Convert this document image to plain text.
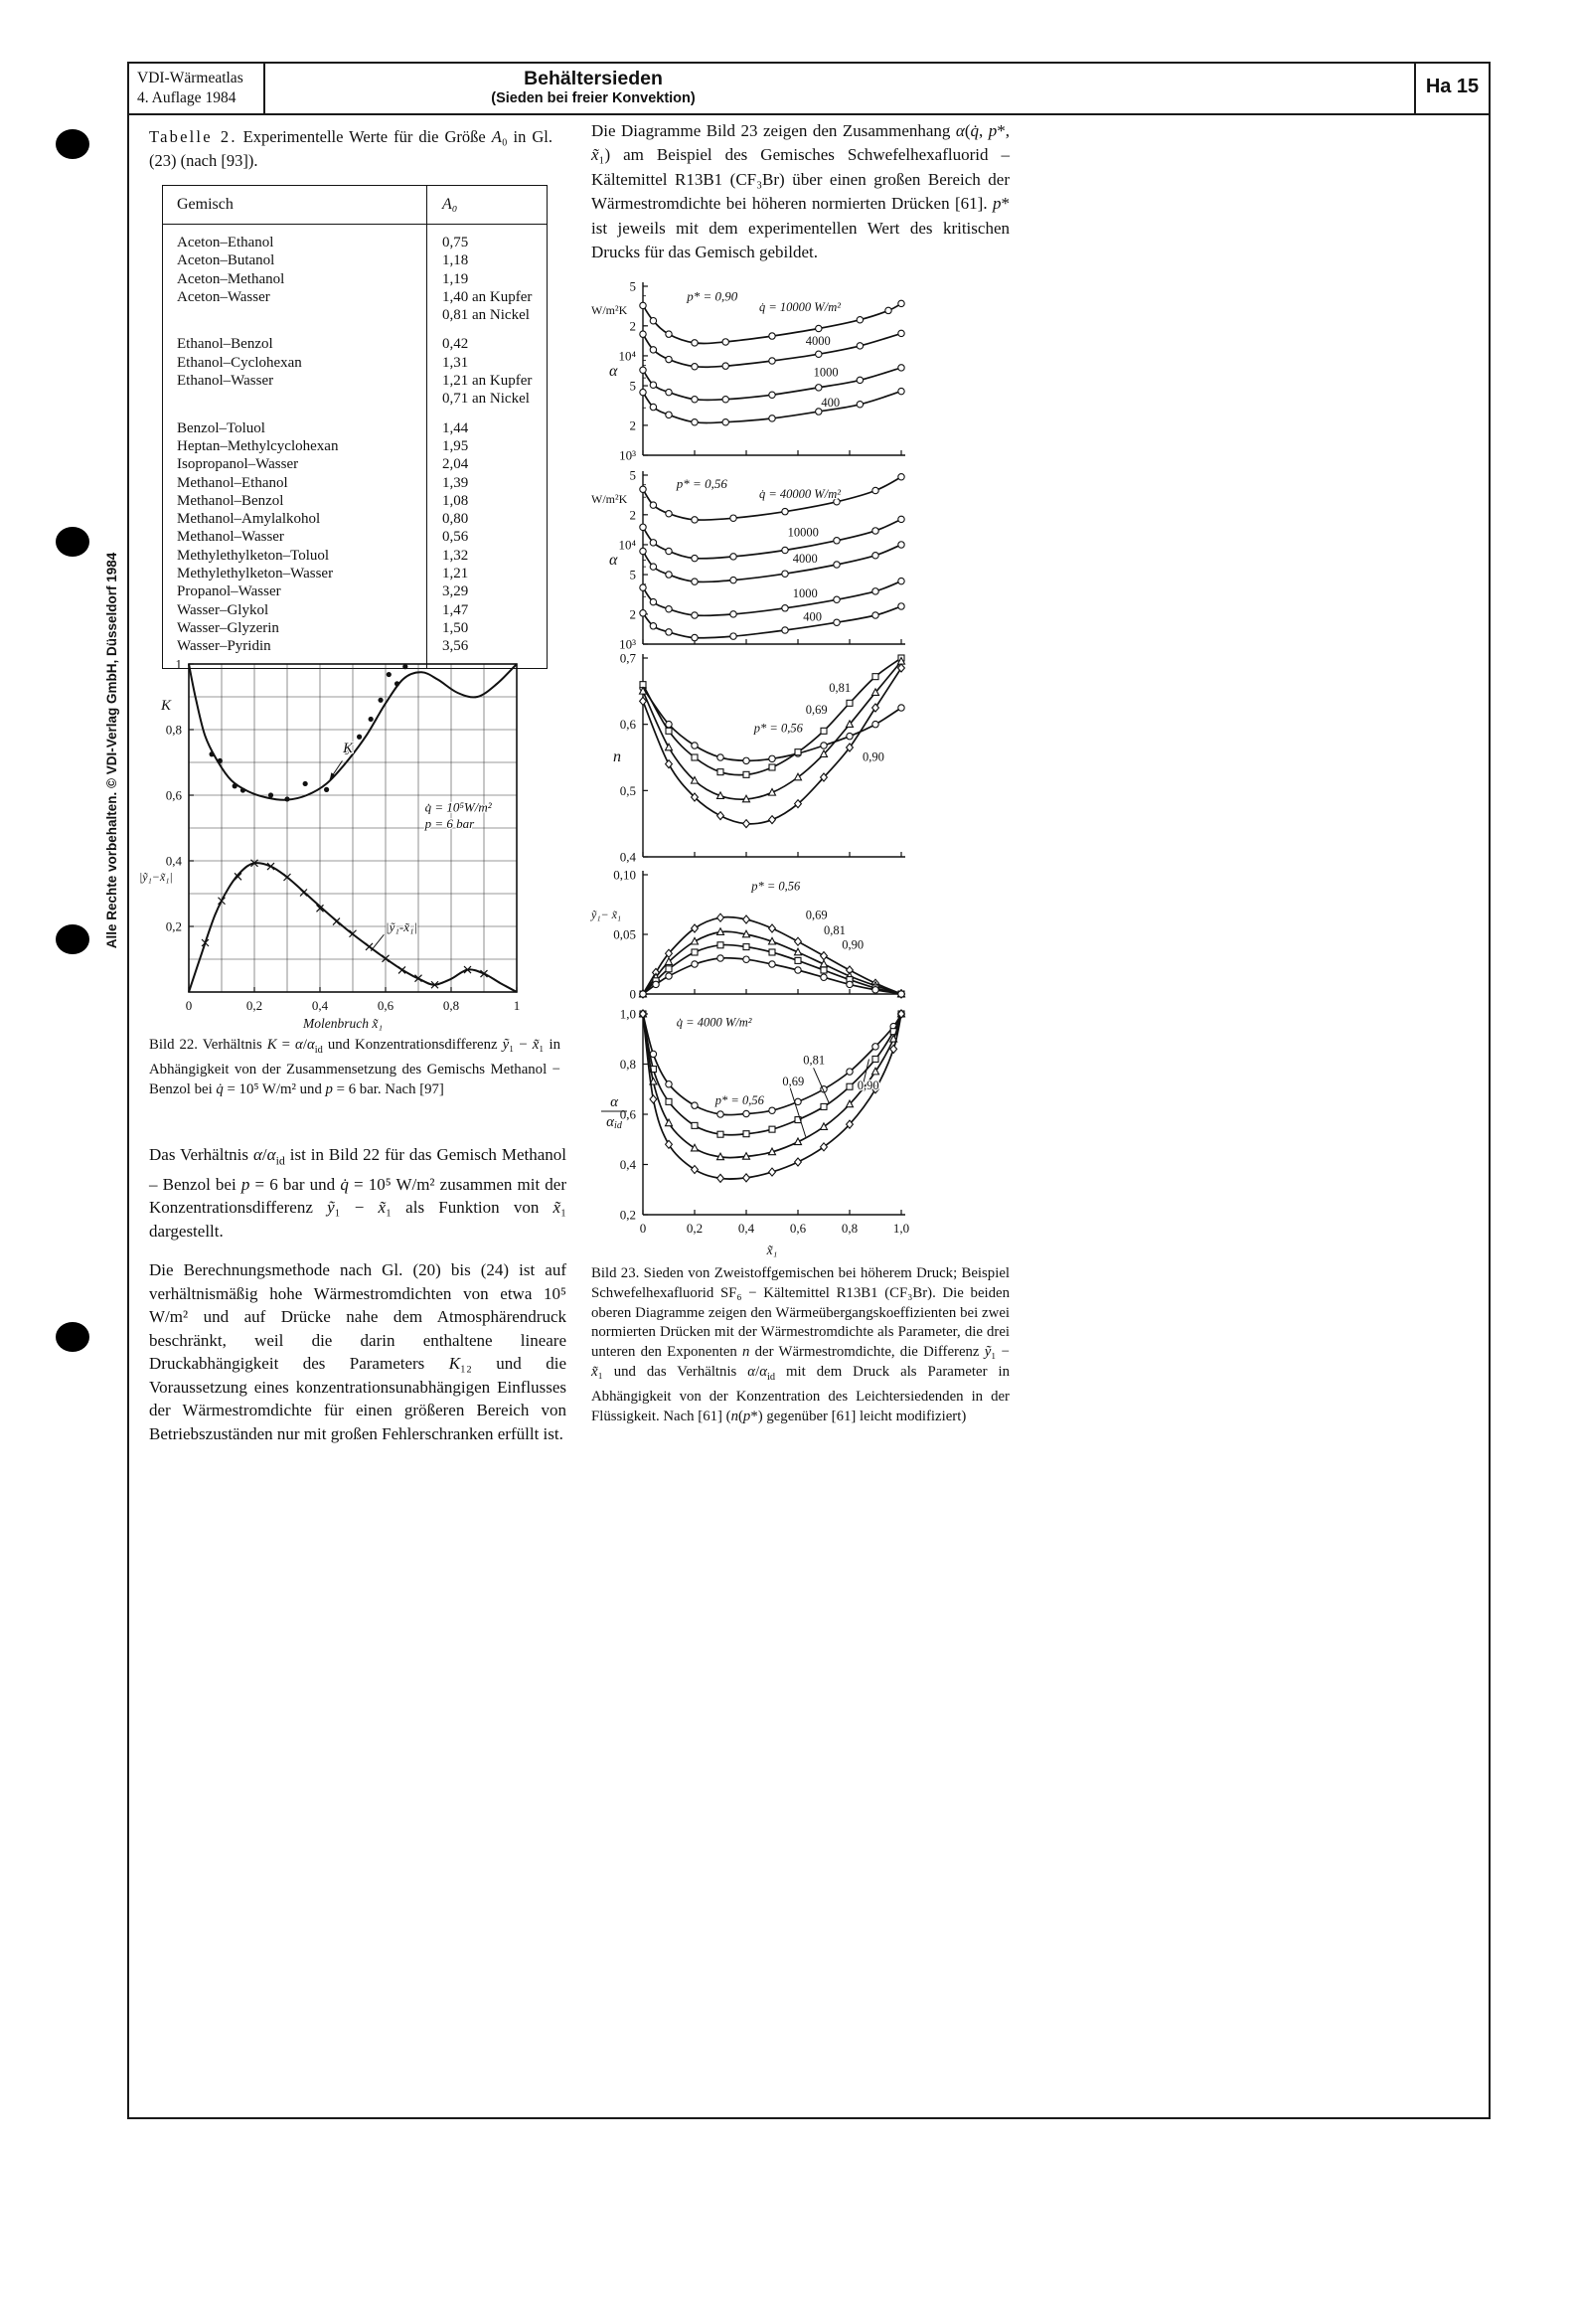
Alle Rechte vorbehalten. © VDI-Verlag GmbH, Düsseldorf 1984
VDI-Wärmeatlas
4. Auflage 1984
Behältersieden
(Sieden bei freier Konvektion)
Ha 15
Tabelle 2. Experimentelle Werte für die Größe A₀ in Gl. (23) (nach [93]).
Gemisch	A₀
Aceton–Ethanol	0,75
Aceton–Butanol	1,18
Aceton–Methanol	1,19
Aceton–Wasser	1,40 an Kupfer
0,81 an Nickel
Ethanol–Benzol	0,42
Ethanol–Cyclohexan	1,31
Ethanol–Wasser	1,21 an Kupfer
0,71 an Nickel
Benzol–Toluol	1,44
Heptan–Methylcyclohexan	1,95
Isopropanol–Wasser	2,04
Methanol–Ethanol	1,39
Methanol–Benzol	1,08
Methanol–Amylalkohol	0,80
Methanol–Wasser	0,56
Methylethylketon–Toluol	1,32
Methylethylketon–Wasser	1,21
Propanol–Wasser	3,29
Wasser–Glykol	1,47
Wasser–Glyzerin	1,50
Wasser–Pyridin	3,56
Die Diagramme Bild 23 zeigen den Zusammenhang α(q̇, p*, x̃₁) am Beispiel des Gemisches Schwefelhexafluorid – Kältemittel R13B1 (CF₃Br) über einen großen Bereich der Wärmestromdichte bei höheren normierten Drücken [61]. p* ist jeweils mit dem experimentellen Wert des kritischen Drucks für das Gemisch gebildet.
0	0,2	0,4	0,6	0,8	1
1
0,8
0,6
0,4
0,2
K
q̇ = 10⁵W/m²
p = 6 bar
|ỹ₁-x̃₁|
K
|ỹ₁−x̃₁|
Molenbruch x̃₁
5
2
10⁴
5
2
10³
p* = 0,90
q̇ = 10000 W/m²
4000
1000
400
W/m²K
α
5
2
10⁴
5
2
10³
p* = 0,56
q̇ = 40000 W/m²
10000
4000
1000
400
W/m²K
α
0,7
0,6
0,5
0,4
0,81
0,69
p* = 0,56
0,90
n
0,10
0,05
0
p* = 0,56
0,69
0,81
0,90
ỹ₁− x̃₁
0	0,2	0,4	0,6	0,8	1,0
1,0
0,8
0,6
0,4
0,2
q̇ = 4000 W/m²
0,81
0,69
p* = 0,56
0,90
α
αid
x̃₁
Bild 22. Verhältnis $K = \alpha/\alpha_{id}$ und Konzentrationsdifferenz ỹ₁ − x̃₁ in Abhängigkeit von der Zusammensetzung des Gemischs Methanol − Benzol bei q̇ = 10⁵ W/m² und p = 6 bar. Nach [97]
Das Verhältnis $\alpha/\alpha_{id}$ ist in Bild 22 für das Gemisch Methanol – Benzol bei p = 6 bar und q̇ = 10⁵ W/m² zusammen mit der Konzentrationsdifferenz ỹ₁ − x̃₁ als Funktion von x̃₁ dargestellt.
Die Berechnungsmethode nach Gl. (20) bis (24) ist auf verhältnismäßig hohe Wärmestromdichten von etwa 10⁵ W/m² und auf Drücke nahe dem Atmosphärendruck beschränkt, weil die darin enthaltene lineare Druckabhängigkeit des Parameters K₁₂ und die Voraussetzung eines konzentrationsunabhängigen Einflusses der Wärmestromdichte für einen größeren Bereich von Betriebszuständen nur mit großen Fehlerschranken erfüllt ist.
Bild 23. Sieden von Zweistoffgemischen bei höherem Druck; Beispiel Schwefelhexafluorid SF₆ − Kältemittel R13B1 (CF₃Br). Die beiden oberen Diagramme zeigen den Wärmeübergangskoeffizienten bei zwei normierten Drücken mit der Wärmestromdichte als Parameter, die drei unteren den Exponenten n der Wärmestromdichte, die Differenz ỹ₁ − x̃₁ und das Verhältnis $\alpha/\alpha_{id}$ mit dem Druck als Parameter in Abhängigkeit von der Konzentration des Leichtersiedenden in der Flüssigkeit. Nach [61] (n(p*) gegenüber [61] leicht modifiziert)
